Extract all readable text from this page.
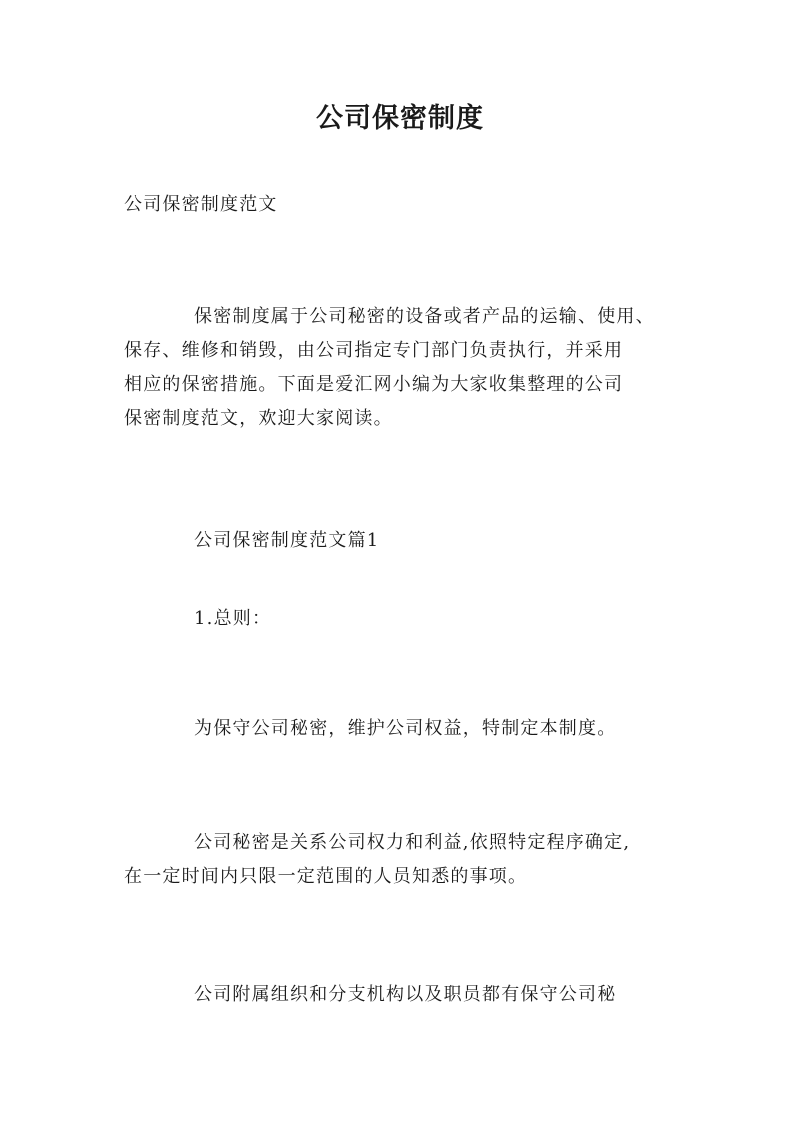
公司保密制度

公司保密制度范文

保密制度属于公司秘密的设备或者产品的运输、使用、
保存、维修和销毁，由公司指定专门部门负责执行，并采用
相应的保密措施。下面是爱汇网小编为大家收集整理的公司
保密制度范文，欢迎大家阅读。

公司保密制度范文篇1

1.总则：

为保守公司秘密，维护公司权益，特制定本制度。

公司秘密是关系公司权力和利益,依照特定程序确定,
在一定时间内只限一定范围的人员知悉的事项。

公司附属组织和分支机构以及职员都有保守公司秘
